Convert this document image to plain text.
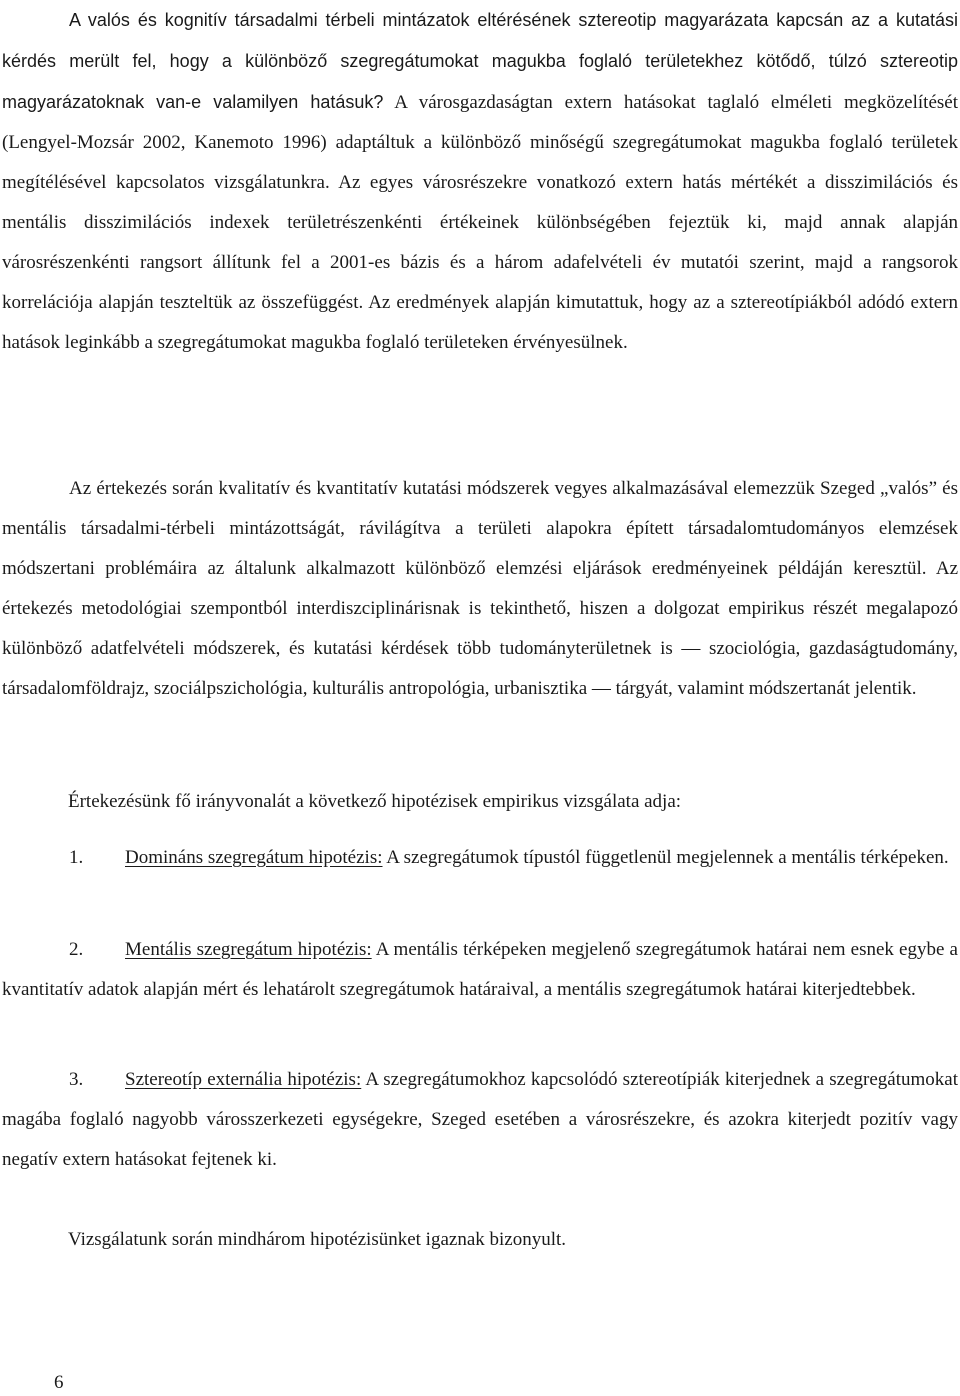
A valós és kognitív társadalmi térbeli mintázatok eltérésének sztereotip magyarázata kapcsán az a kutatási kérdés merült fel, hogy a különböző szegregátumokat magukba foglaló területekhez kötődő, túlzó sztereotip magyarázatoknak van-e valamilyen hatásuk? A városgazdaságtan extern hatásokat taglaló elméleti megközelítését (Lengyel-Mozsár 2002, Kanemoto 1996) adaptáltuk a különböző minőségű szegregátumokat magukba foglaló területek megítélésével kapcsolatos vizsgálatunkra. Az egyes városrészekre vonatkozó extern hatás mértékét a disszimilációs és mentális disszimilációs indexek területrészenkénti értékeinek különbségében fejeztük ki, majd annak alapján városrészenkénti rangsort állítunk fel a 2001-es bázis és a három adafelvételi év mutatói szerint, majd a rangsorok korrelációja alapján teszteltük az összefüggést. Az eredmények alapján kimutattuk, hogy az a sztereotípiákból adódó extern hatások leginkább a szegregátumokat magukba foglaló területeken érvényesülnek.

Az értekezés során kvalitatív és kvantitatív kutatási módszerek vegyes alkalmazásával elemezzük Szeged „valós” és mentális társadalmi-térbeli mintázottságát, rávilágítva a területi alapokra épített társadalomtudományos elemzések módszertani problémáira az általunk alkalmazott különböző elemzési eljárások eredményeinek példáján keresztül. Az értekezés metodológiai szempontból interdiszciplinárisnak is tekinthető, hiszen a dolgozat empirikus részét megalapozó különböző adatfelvételi módszerek, és kutatási kérdések több tudományterületnek is — szociológia, gazdaságtudomány, társadalomföldrajz, szociálpszichológia, kulturális antropológia, urbanisztika — tárgyát, valamint módszertanát jelentik.

Értekezésünk fő irányvonalát a következő hipotézisek empirikus vizsgálata adja:

1. Domináns szegregátum hipotézis: A szegregátumok típustól függetlenül megjelennek a mentális térképeken.

2. Mentális szegregátum hipotézis: A mentális térképeken megjelenő szegregátumok határai nem esnek egybe a kvantitatív adatok alapján mért és lehatárolt szegregátumok határaival, a mentális szegregátumok határai kiterjedtebbek.

3. Sztereotíp externália hipotézis: A szegregátumokhoz kapcsolódó sztereotípiák kiterjednek a szegregátumokat magába foglaló nagyobb városszerkezeti egységekre, Szeged esetében a városrészekre, és azokra kiterjedt pozitív vagy negatív extern hatásokat fejtenek ki.

Vizsgálatunk során mindhárom hipotézisünket igaznak bizonyult.

6
